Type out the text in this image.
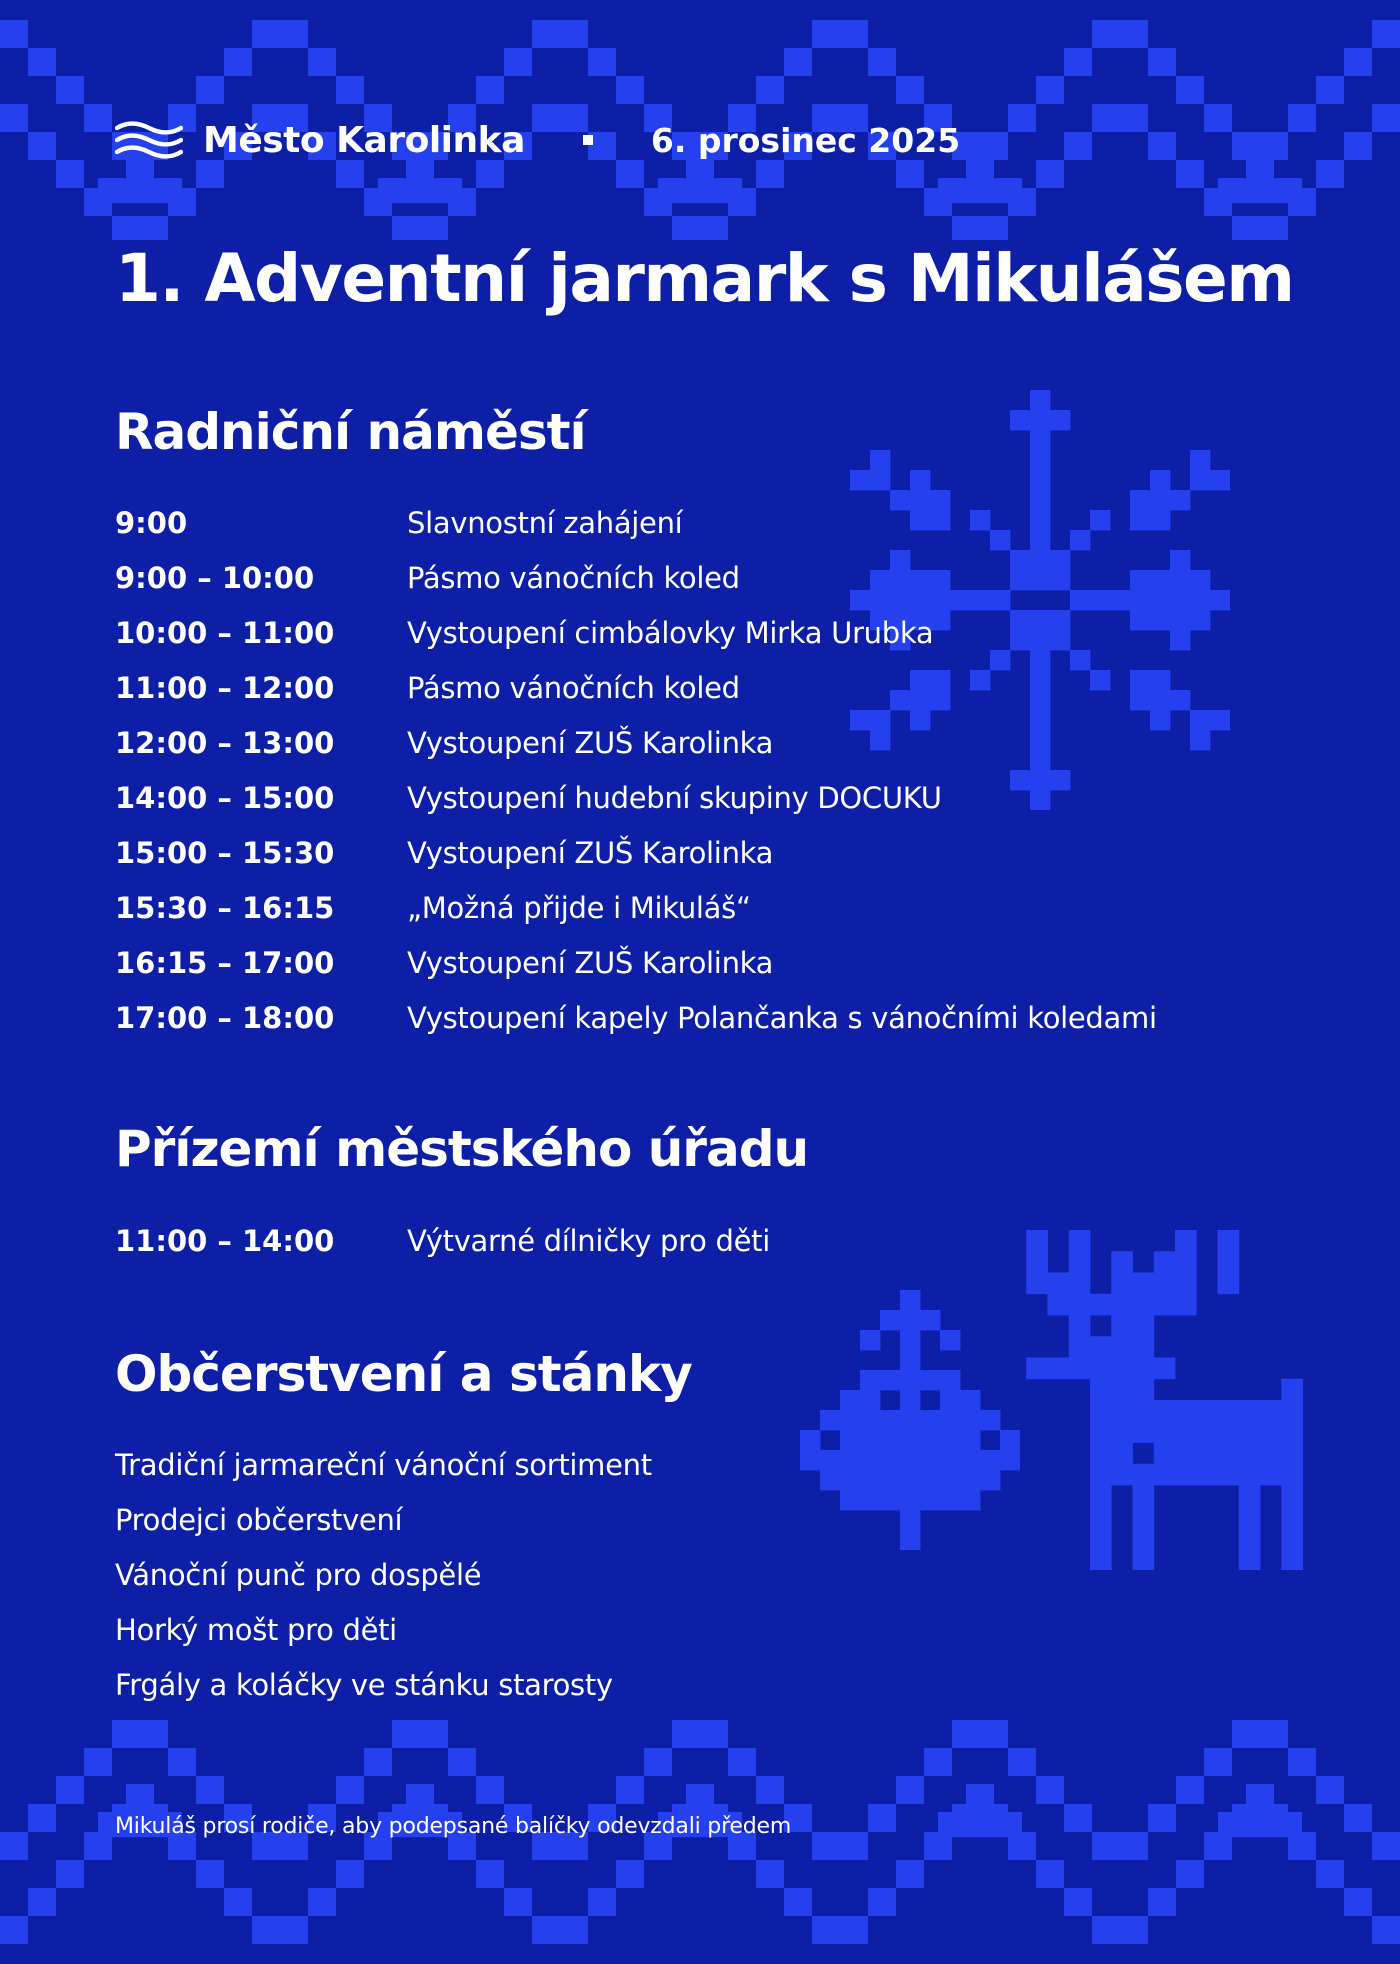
Město Karolinka	6. prosinec 2025
1. Adventní jarmark s Mikulášem
Radniční náměstí
9:00	Slavnostní zahájení
9:00 – 10:00	Pásmo vánočních koled
10:00 – 11:00	Vystoupení cimbálovky Mirka Urubka
11:00 – 12:00	Pásmo vánočních koled
12:00 – 13:00	Vystoupení ZUŠ Karolinka
14:00 – 15:00	Vystoupení hudební skupiny DOCUKU
15:00 – 15:30	Vystoupení ZUŠ Karolinka
15:30 – 16:15	„Možná přijde i Mikuláš“
16:15 – 17:00	Vystoupení ZUŠ Karolinka
17:00 – 18:00	Vystoupení kapely Polančanka s vánočními koledami
Přízemí městského úřadu
11:00 – 14:00	Výtvarné dílničky pro děti
Občerstvení a stánky
Tradiční jarmareční vánoční sortiment
Prodejci občerstvení
Vánoční punč pro dospělé
Horký mošt pro děti
Frgály a koláčky ve stánku starosty
Mikuláš prosí rodiče, aby podepsané balíčky odevzdali předem
